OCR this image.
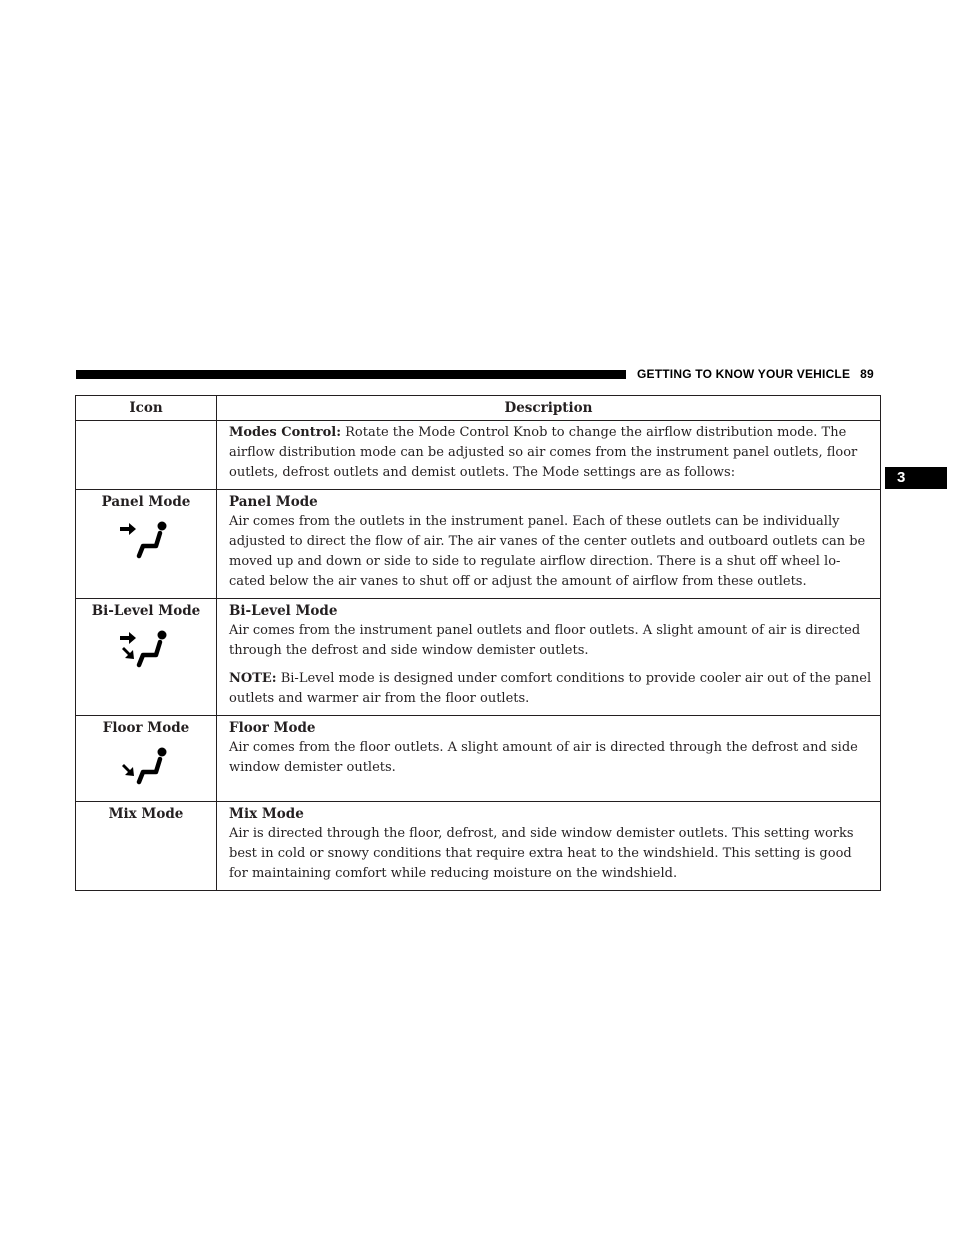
GETTING TO KNOW YOUR VEHICLE 89
3
Icon	Description

	Modes Control: Rotate the Mode Control Knob to change the airflow distribution mode. The airflow distribution mode can be adjusted so air comes from the instrument panel outlets, floor outlets, defrost outlets and demist outlets. The Mode settings are as follows:

Panel Mode	Panel Mode

Air comes from the outlets in the instrument panel. Each of these outlets can be individually adjusted to direct the flow of air. The air vanes of the center outlets and outboard outlets can be moved up and down or side to side to regulate airflow direction. There is a shut off wheel lo-cated below the air vanes to shut off or adjust the amount of airflow from these outlets.

Bi-Level Mode	Bi-Level Mode

Air comes from the instrument panel outlets and floor outlets. A slight amount of air is directed through the defrost and side window demister outlets.

NOTE: Bi-Level mode is designed under comfort conditions to provide cooler air out of the panel outlets and warmer air from the floor outlets.

Floor Mode	Floor Mode

Air comes from the floor outlets. A slight amount of air is directed through the defrost and side window demister outlets.

Mix Mode	Mix Mode

Air is directed through the floor, defrost, and side window demister outlets. This setting works best in cold or snowy conditions that require extra heat to the windshield. This setting is good for maintaining comfort while reducing moisture on the windshield.
